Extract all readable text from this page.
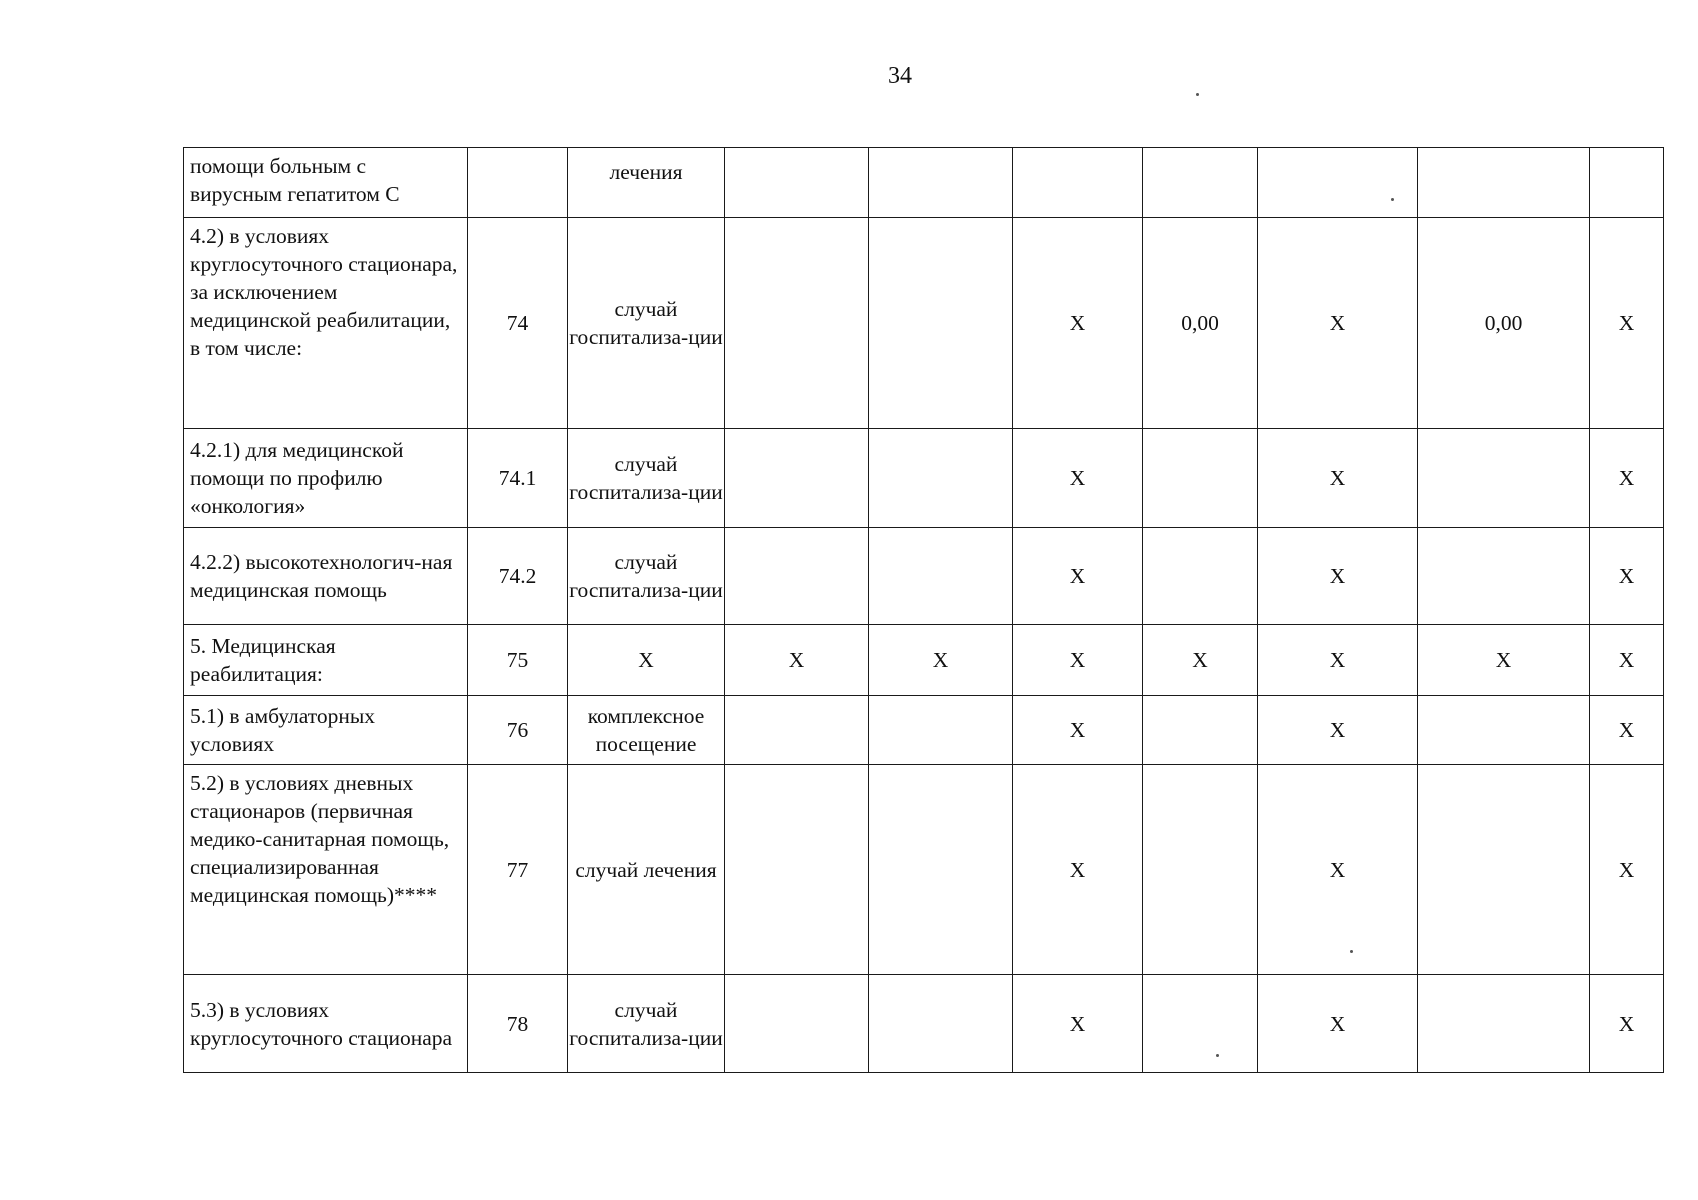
34
помощи больным с вирусным гепатитом С		лечения							
4.2) в условиях круглосуточного стационара, за исключением медицинской реабилитации, в том числе:	74	случай госпитализа-ции			X	0,00	X	0,00	X
4.2.1) для медицинской помощи по профилю «онкология»	74.1	случай госпитализа-ции			X		X		X
4.2.2) высокотехнологич-ная медицинская помощь	74.2	случай госпитализа-ции			X		X		X
5. Медицинская реабилитация:	75	X	X	X	X	X	X	X	X
5.1) в амбулаторных условиях	76	комплексное посещение			X		X		X
5.2) в условиях дневных стационаров (первичная медико-санитарная помощь, специализированная медицинская помощь)****	77	случай лечения			X		X		X
5.3) в условиях круглосуточного стационара	78	случай госпитализа-ции			X		X		X
